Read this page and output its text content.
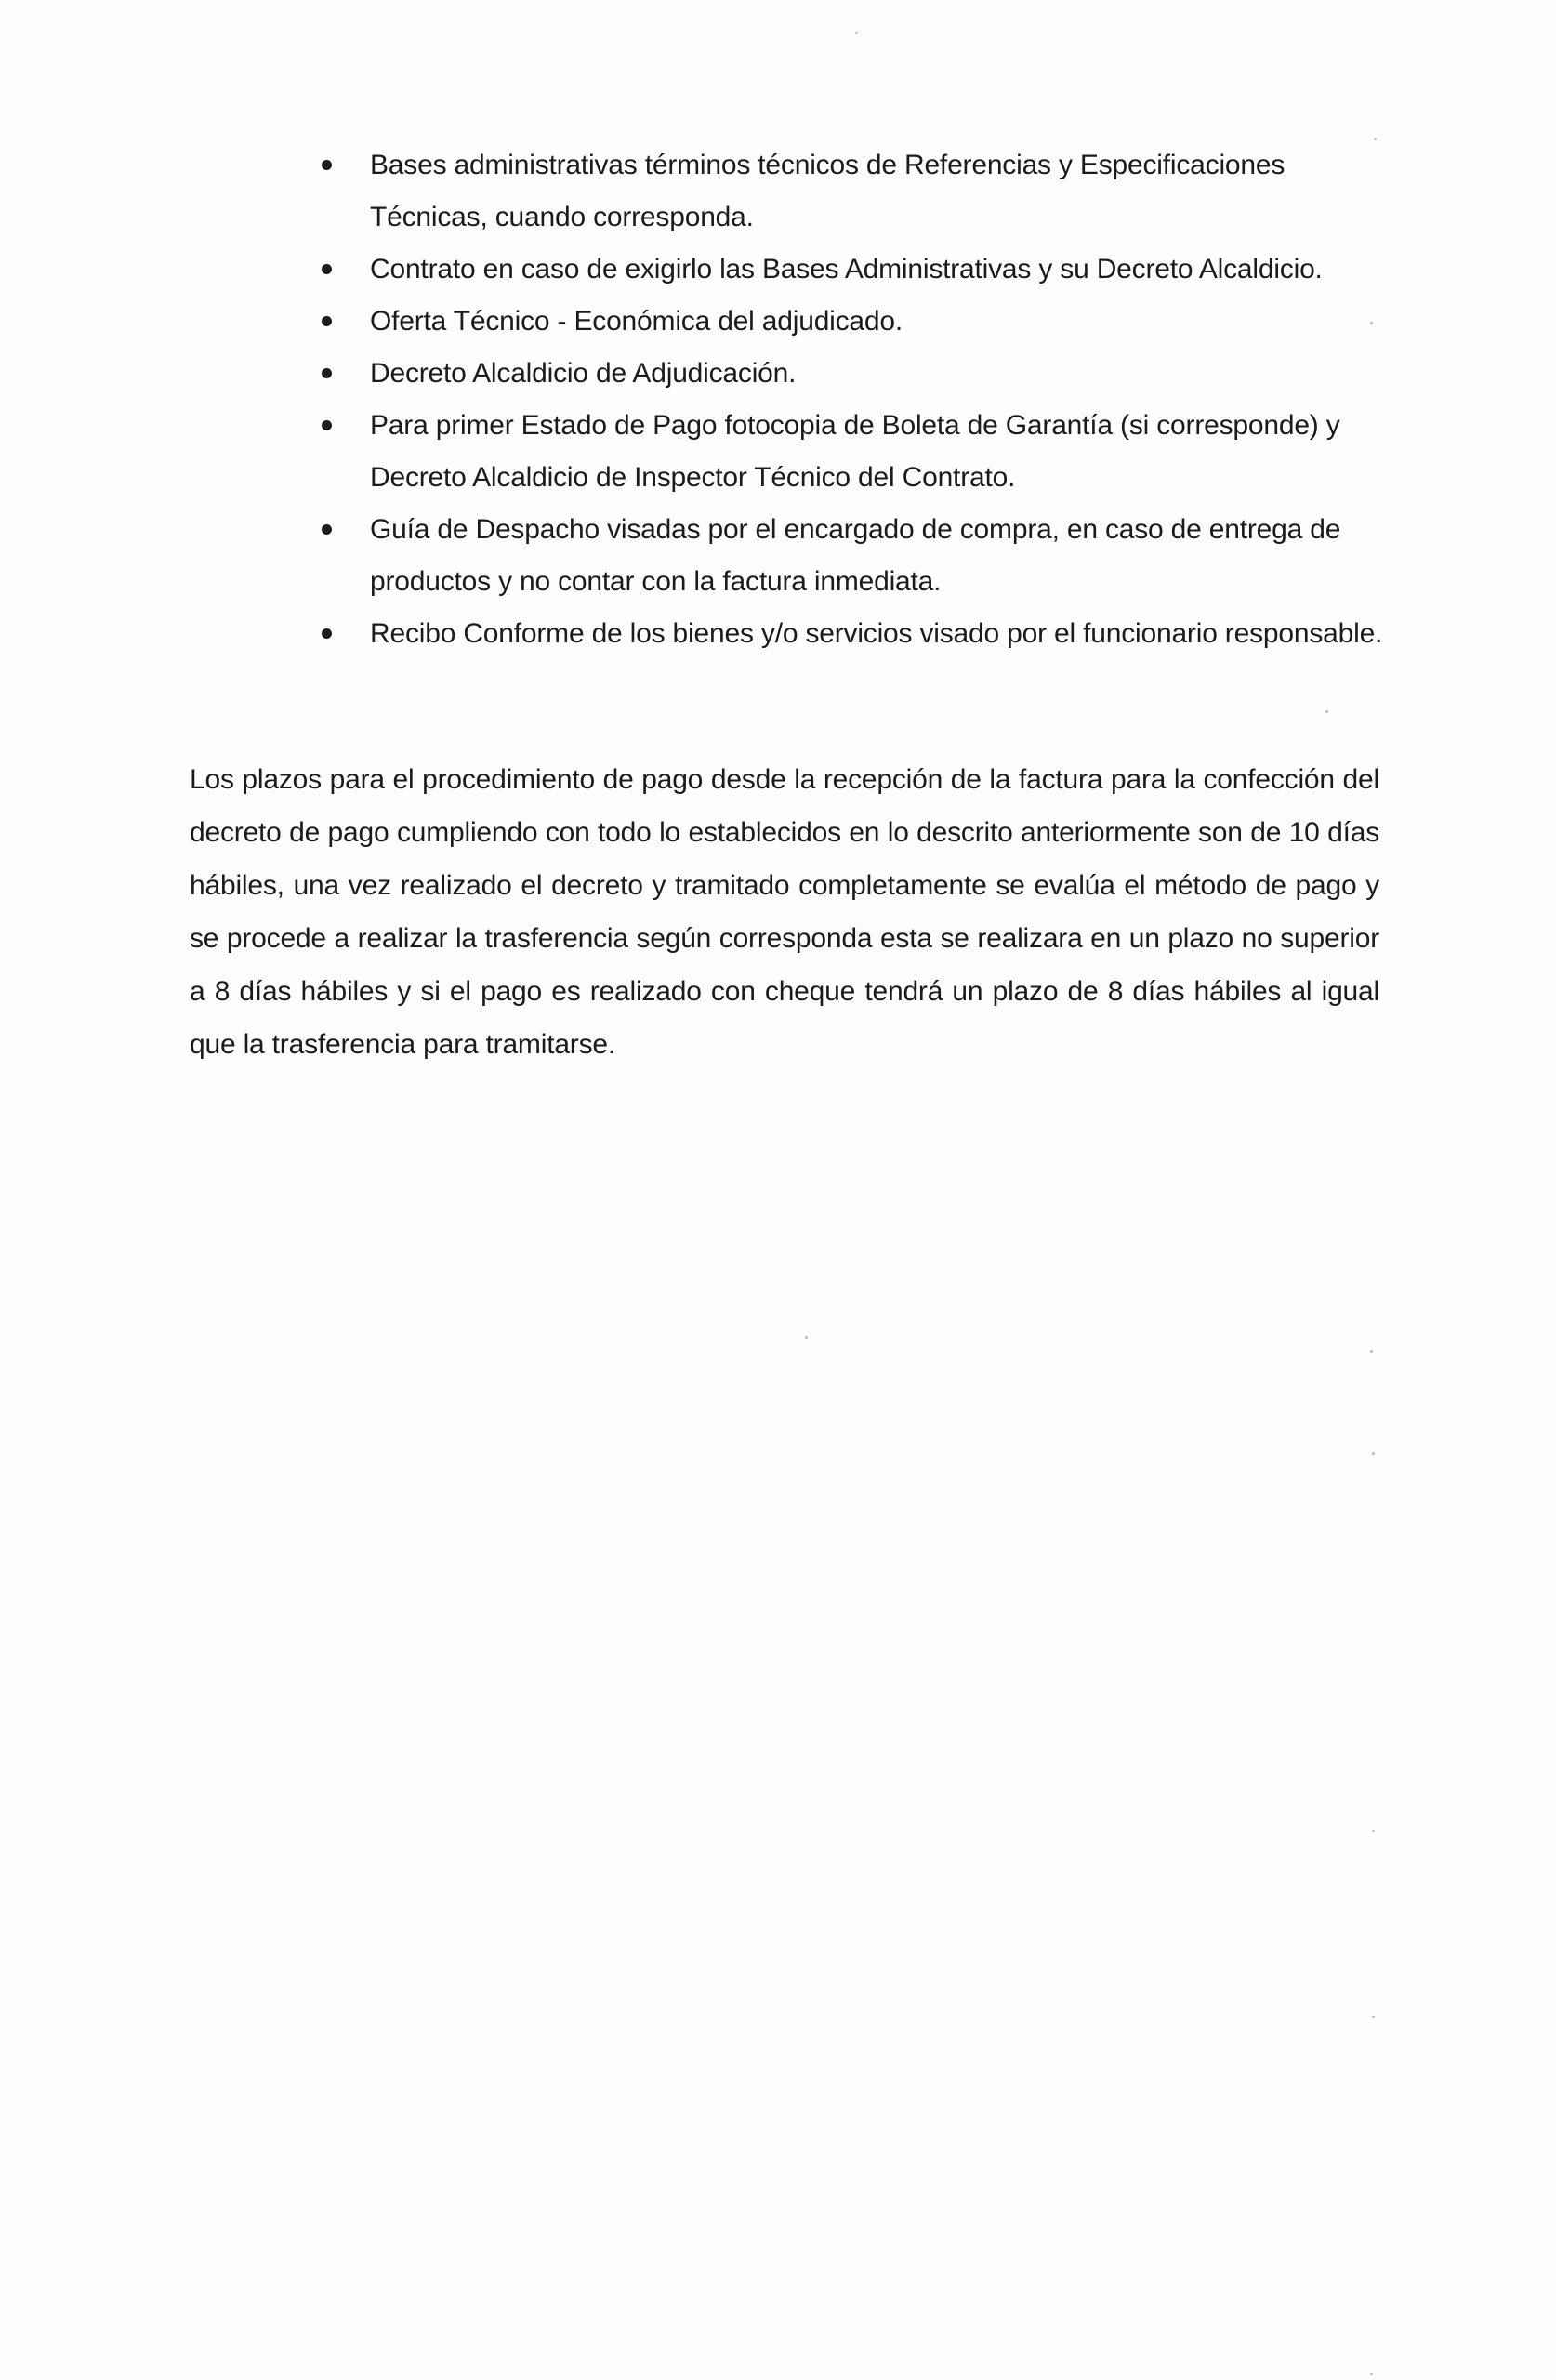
Bases administrativas términos técnicos de Referencias y Especificaciones Técnicas, cuando corresponda.
Contrato en caso de exigirlo las Bases Administrativas y su Decreto Alcaldicio.
Oferta Técnico - Económica del adjudicado.
Decreto Alcaldicio de Adjudicación.
Para primer Estado de Pago fotocopia de Boleta de Garantía (si corresponde) y Decreto Alcaldicio de Inspector Técnico del Contrato.
Guía de Despacho visadas por el encargado de compra, en caso de entrega de productos y no contar con la factura inmediata.
Recibo Conforme de los bienes y/o servicios visado por el funcionario responsable.

Los plazos para el procedimiento de pago desde la recepción de la factura para la confección del decreto de pago cumpliendo con todo lo establecidos en lo descrito anteriormente son de 10 días hábiles, una vez realizado el decreto y tramitado completamente se evalúa el método de pago y se procede a realizar la trasferencia según corresponda esta se realizara en un plazo no superior a 8 días hábiles y si el pago es realizado con cheque tendrá un plazo de 8 días hábiles al igual que la trasferencia para tramitarse.
